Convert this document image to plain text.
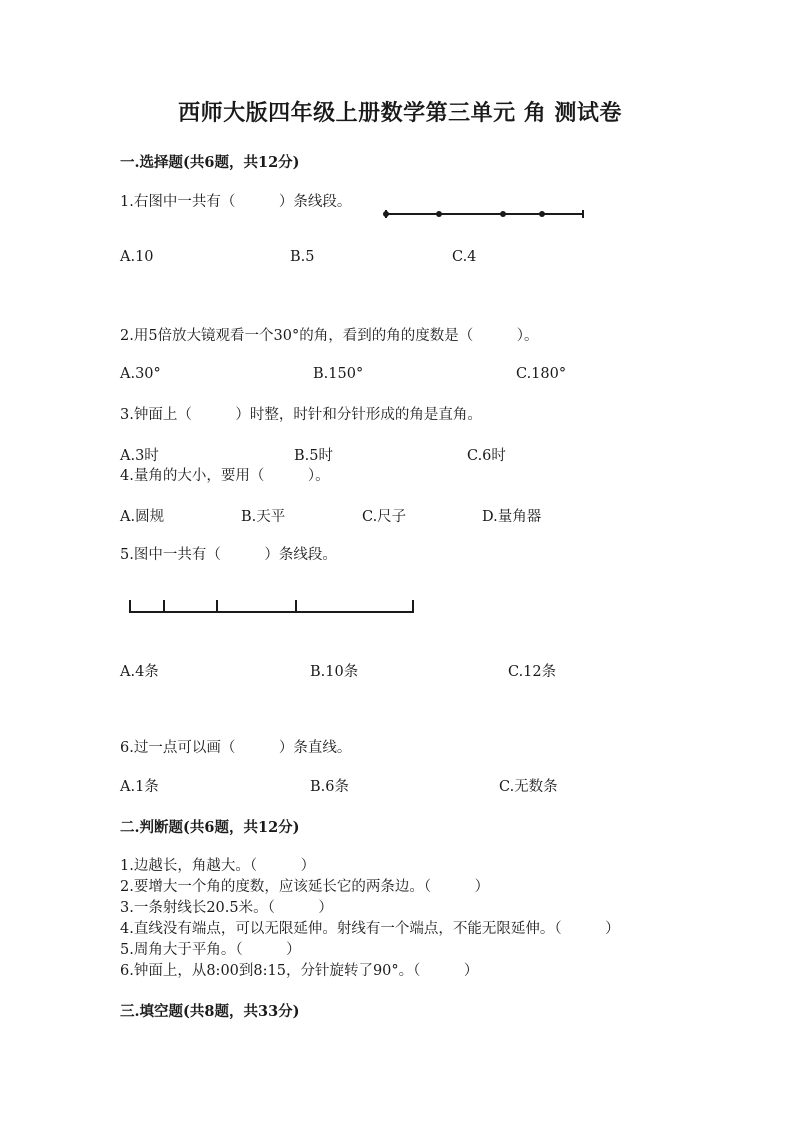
西师大版四年级上册数学第三单元 角 测试卷
一.选择题(共6题，共12分)
1.右图中一共有（　　　）条线段。
A.10	B.5	C.4
2.用5倍放大镜观看一个30°的角，看到的角的度数是（　　　）。
A.30°	B.150°	C.180°
3.钟面上（　　　）时整，时针和分针形成的角是直角。
A.3时	B.5时	C.6时
4.量角的大小，要用（　　　）。
A.圆规	B.天平	C.尺子	D.量角器
5.图中一共有（　　　）条线段。
A.4条	B.10条	C.12条
6.过一点可以画（　　　）条直线。
A.1条	B.6条	C.无数条
二.判断题(共6题，共12分)
1.边越长，角越大。（　　　）
2.要增大一个角的度数，应该延长它的两条边。（　　　）
3.一条射线长20.5米。（　　　）
4.直线没有端点，可以无限延伸。射线有一个端点，不能无限延伸。（　　　）
5.周角大于平角。（　　　）
6.钟面上，从8:00到8:15，分针旋转了90°。（　　　）
三.填空题(共8题，共33分)
